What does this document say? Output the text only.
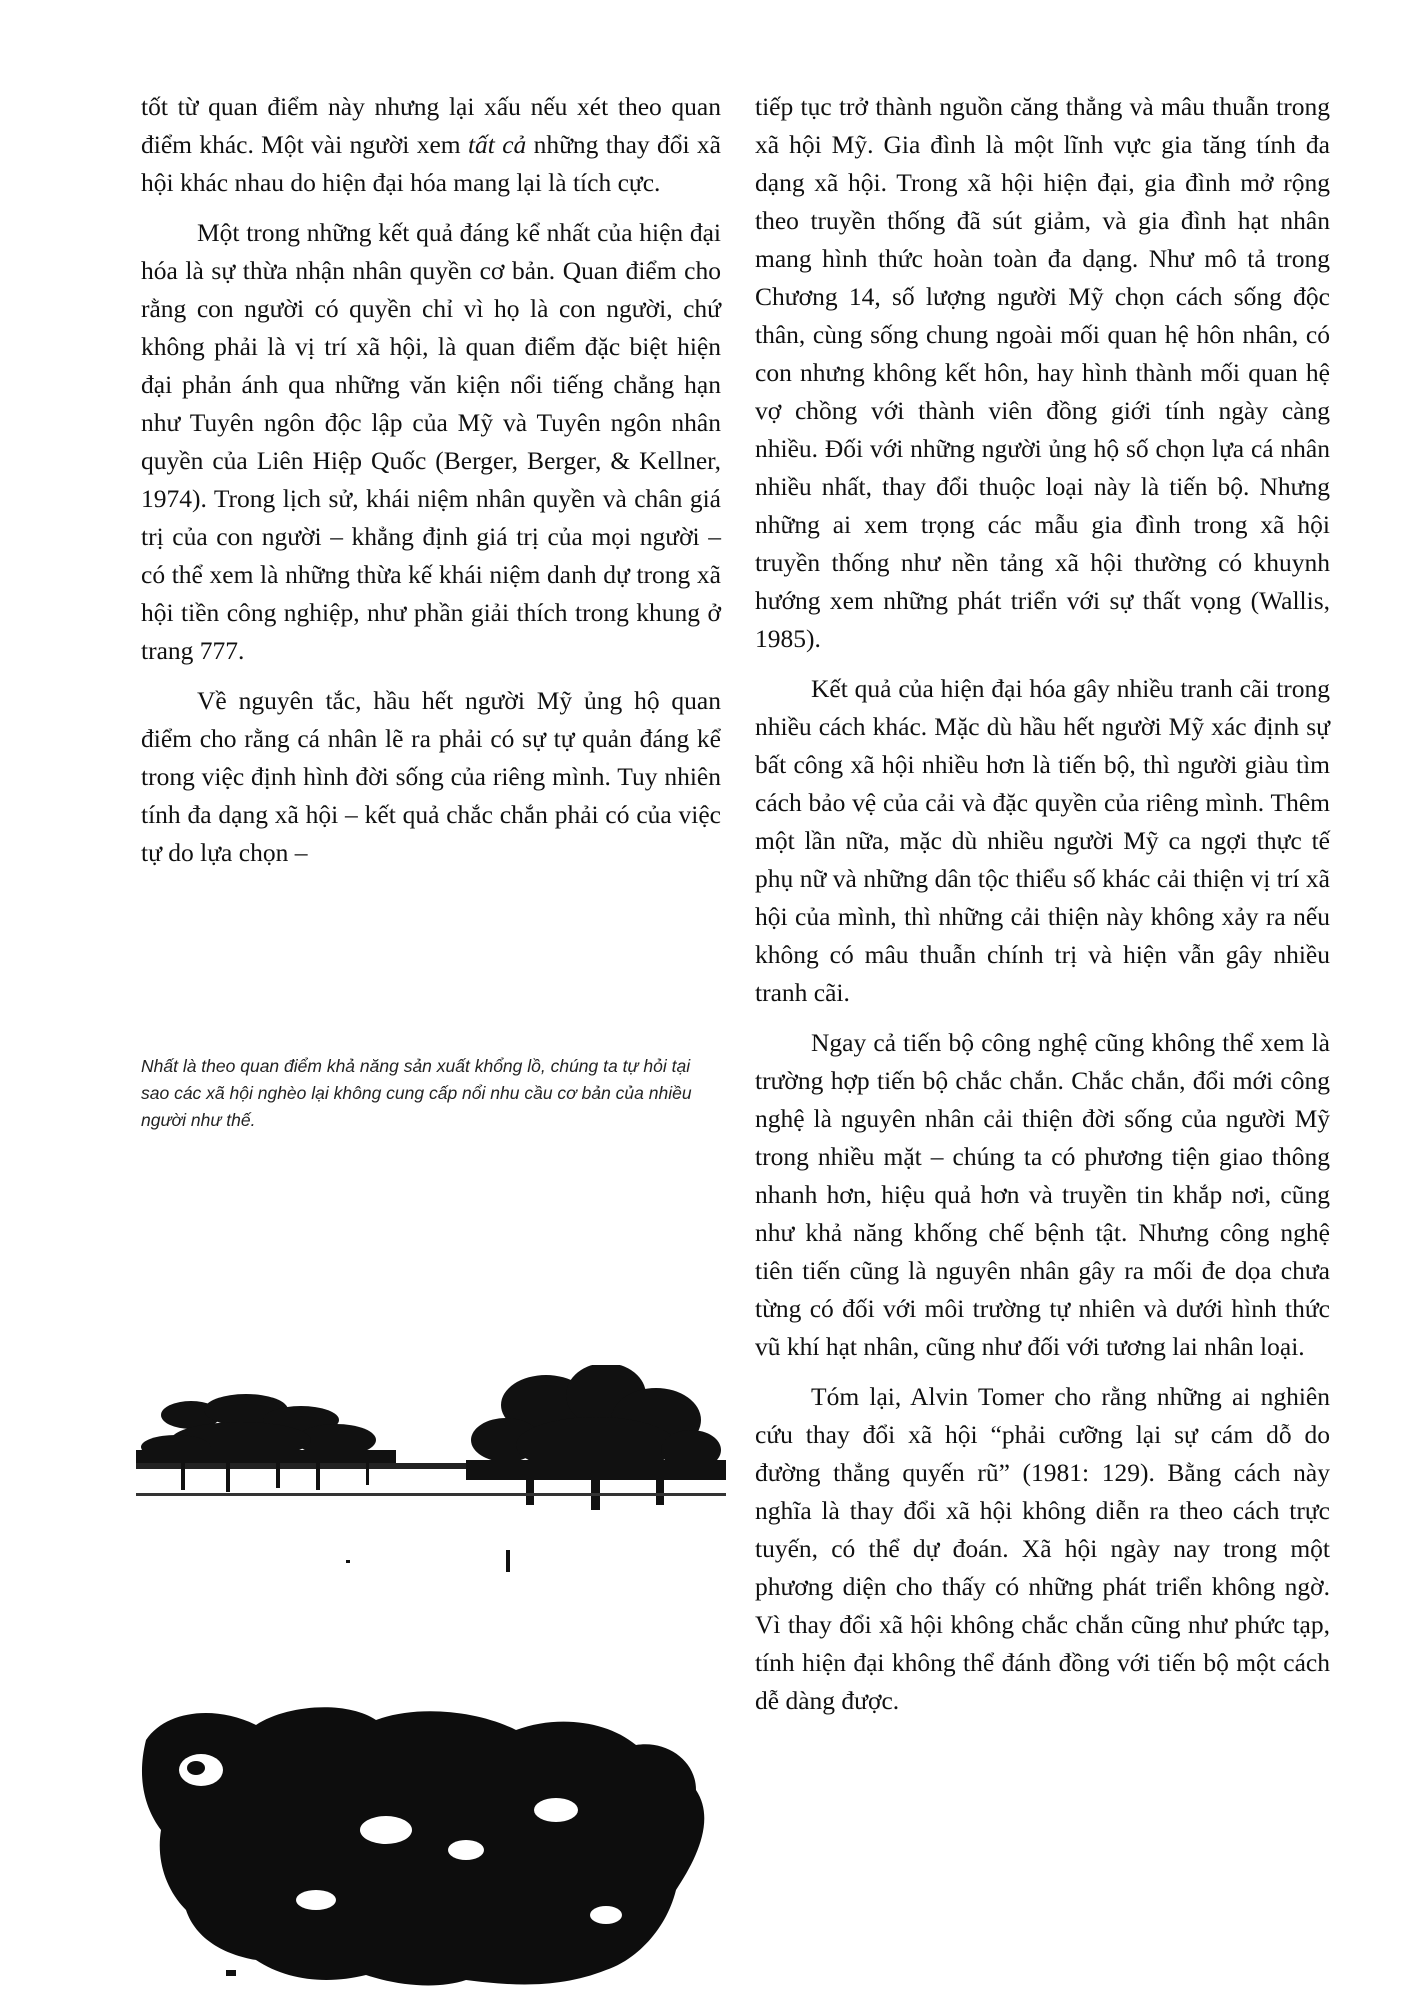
tốt từ quan điểm này nhưng lại xấu nếu xét theo quan điểm khác. Một vài người xem tất cả những thay đổi xã hội khác nhau do hiện đại hóa mang lại là tích cực.

Một trong những kết quả đáng kể nhất của hiện đại hóa là sự thừa nhận nhân quyền cơ bản. Quan điểm cho rằng con người có quyền chỉ vì họ là con người, chứ không phải là vị trí xã hội, là quan điểm đặc biệt hiện đại phản ánh qua những văn kiện nổi tiếng chẳng hạn như Tuyên ngôn độc lập của Mỹ và Tuyên ngôn nhân quyền của Liên Hiệp Quốc (Berger, Berger, & Kellner, 1974). Trong lịch sử, khái niệm nhân quyền và chân giá trị của con người – khẳng định giá trị của mọi người – có thể xem là những thừa kế khái niệm danh dự trong xã hội tiền công nghiệp, như phần giải thích trong khung ở trang 777.

Về nguyên tắc, hầu hết người Mỹ ủng hộ quan điểm cho rằng cá nhân lẽ ra phải có sự tự quản đáng kể trong việc định hình đời sống của riêng mình. Tuy nhiên tính đa dạng xã hội – kết quả chắc chắn phải có của việc tự do lựa chọn –

Nhất là theo quan điểm khả năng sản xuất khổng lồ, chúng ta tự hỏi tại sao các xã hội nghèo lại không cung cấp nổi nhu cầu cơ bản của nhiều người như thế.

tiếp tục trở thành nguồn căng thẳng và mâu thuẫn trong xã hội Mỹ. Gia đình là một lĩnh vực gia tăng tính đa dạng xã hội. Trong xã hội hiện đại, gia đình mở rộng theo truyền thống đã sút giảm, và gia đình hạt nhân mang hình thức hoàn toàn đa dạng. Như mô tả trong Chương 14, số lượng người Mỹ chọn cách sống độc thân, cùng sống chung ngoài mối quan hệ hôn nhân, có con nhưng không kết hôn, hay hình thành mối quan hệ vợ chồng với thành viên đồng giới tính ngày càng nhiều. Đối với những người ủng hộ số chọn lựa cá nhân nhiều nhất, thay đổi thuộc loại này là tiến bộ. Nhưng những ai xem trọng các mẫu gia đình trong xã hội truyền thống như nền tảng xã hội thường có khuynh hướng xem những phát triển với sự thất vọng (Wallis, 1985).

Kết quả của hiện đại hóa gây nhiều tranh cãi trong nhiều cách khác. Mặc dù hầu hết người Mỹ xác định sự bất công xã hội nhiều hơn là tiến bộ, thì người giàu tìm cách bảo vệ của cải và đặc quyền của riêng mình. Thêm một lần nữa, mặc dù nhiều người Mỹ ca ngợi thực tế phụ nữ và những dân tộc thiểu số khác cải thiện vị trí xã hội của mình, thì những cải thiện này không xảy ra nếu không có mâu thuẫn chính trị và hiện vẫn gây nhiều tranh cãi.

Ngay cả tiến bộ công nghệ cũng không thể xem là trường hợp tiến bộ chắc chắn. Chắc chắn, đổi mới công nghệ là nguyên nhân cải thiện đời sống của người Mỹ trong nhiều mặt – chúng ta có phương tiện giao thông nhanh hơn, hiệu quả hơn và truyền tin khắp nơi, cũng như khả năng khống chế bệnh tật. Nhưng công nghệ tiên tiến cũng là nguyên nhân gây ra mối đe dọa chưa từng có đối với môi trường tự nhiên và dưới hình thức vũ khí hạt nhân, cũng như đối với tương lai nhân loại.

Tóm lại, Alvin Tomer cho rằng những ai nghiên cứu thay đổi xã hội “phải cưỡng lại sự cám dỗ do đường thẳng quyến rũ” (1981: 129). Bằng cách này nghĩa là thay đổi xã hội không diễn ra theo cách trực tuyến, có thể dự đoán. Xã hội ngày nay trong một phương diện cho thấy có những phát triển không ngờ. Vì thay đổi xã hội không chắc chắn cũng như phức tạp, tính hiện đại không thể đánh đồng với tiến bộ một cách dễ dàng được.
